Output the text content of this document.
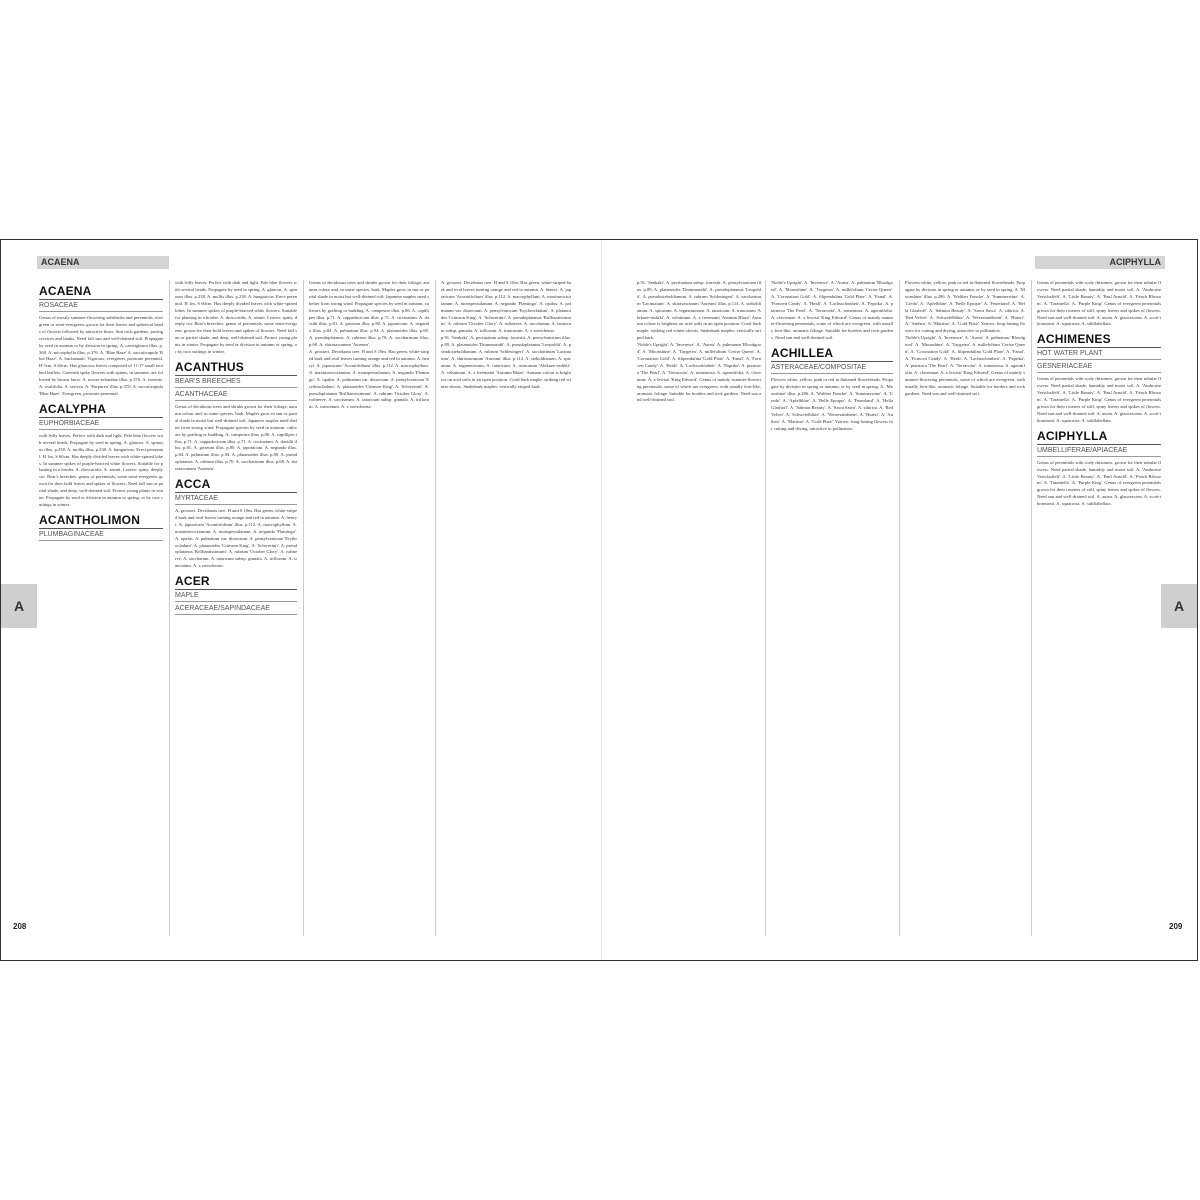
ACAENA	ACIPHYLLA
A	A
208	209
ACAENA
ROSACEAE
Genus of mostly summer-flowering subshrubs and perennials, evergreen or semi-evergreen, grown for their leaves and spherical heads of flowers followed by attractive burrs. Suit rock gardens, paving crevices and banks. Need full sun and well-drained soil. Propagate by seed in autumn or by division in spring. A. caesiiglauca illus. p.368. A. microphylla illus. p.376. A. 'Blue Haze' A. saccaticupula 'Blue Haze'. A. buchananii. Vigorous, evergreen, prostrate perennial. H 5cm, S 60cm. Has glaucous leaves composed of 11-17 small toothed leaflets. Greenish spiky flowers with spines, in summer, are followed by brown burrs. A. novae-zelandiae illus. p.376. A. inermis. A. ovalifolia. A. sericea. A. 'Purpurea' illus. p.370. A. saccaticupula 'Blue Haze'. Evergreen, prostrate perennial.
ACALYPHA
EUPHORBIACEAE
with frilly leaves. Perfect with dark and light. Pale blue flowers with several heads. Propagate by seed in spring. A. glaucus. A. spinosus illus. p.238. A. mollis illus. p.238. A. hungaricus. Erect perennial. H 1m, S 60cm. Has deeply divided leaves with white-spined lobes. In summer spikes of purple-bracted white flowers. Suitable for planting in a border. A. dioscoridis. A. sennii. Leaves: spiny, deeply cut. Bear's breeches: genus of perennials, some semi-evergreen, grown for their bold leaves and spikes of flowers. Need full sun or partial shade, and deep, well-drained soil. Protect young plants in winter. Propagate by seed or division in autumn or spring, or by root cuttings in winter.
ACANTHOLIMON
PLUMBAGINACEAE
with frilly leaves. Perfect with dark and light. Pale blue flowers with several heads. Propagate by seed in spring. A. glaucus. A. spinosus illus. p.238. A. mollis illus. p.238. A. hungaricus. Erect perennial. H 1m, S 60cm. Has deeply divided leaves with white-spined lobes. In summer spikes of purple-bracted white flowers. Suitable for planting in a border. A. dioscoridis. A. sennii. Leaves: spiny, deeply cut. Bear's breeches: genus of perennials, some semi-evergreen, grown for their bold leaves and spikes of flowers. Need full sun or partial shade, and deep, well-drained soil. Protect young plants in winter. Propagate by seed or division in autumn or spring, or by root cuttings in winter.
ACANTHUS
BEAR'S BREECHES
ACANTHACEAE
Genus of deciduous trees and shrubs grown for their foliage, autumn colour and, in some species, bark. Maples grow in sun or partial shade in moist but well-drained soil; Japanese maples need shelter from strong wind. Propagate species by seed in autumn, cultivars by grafting or budding. A. campestre illus. p.86. A. capillipes illus. p.71. A. cappadocicum illus. p.71. A. circinatum. A. davidii illus. p.81. A. griseum illus. p.80. A. japonicum. A. negundo illus. p.84. A. palmatum illus. p.94. A. platanoides illus. p.69. A. pseudoplatanus. A. rubrum illus. p.70. A. saccharinum illus. p.68. A. shirasawanum 'Aureum'.
ACCA
MYRTACEAE
A. grosseri. Deciduous tree. H and S 10m. Has green, white-striped bark and oval leaves turning orange and red in autumn. A. henryi. A. japonicum 'Aconitifolium' illus. p.112. A. macrophyllum. A. maximowiczianum. A. monspessulanum. A. negundo 'Flamingo'. A. opalus. A. palmatum var. dissectum. A. pensylvanicum 'Erythrocladum'. A. platanoides 'Crimson King'. A. 'Schwerinii'. A. pseudoplatanus 'Brilliantissimum'. A. rubrum 'October Glory'. A. rufinerve. A. saccharum. A. tataricum subsp. ginnala. A. triflorum. A. truncatum. A. x zoeschense.
ACER
MAPLE
ACERACEAE/SAPINDACEAE
Genus of deciduous trees and shrubs grown for their foliage, autumn colour and, in some species, bark. Maples grow in sun or partial shade in moist but well-drained soil; Japanese maples need shelter from strong wind. Propagate species by seed in autumn, cultivars by grafting or budding. A. campestre illus. p.86. A. capillipes illus. p.71. A. cappadocicum illus. p.71. A. circinatum. A. davidii illus. p.81. A. griseum illus. p.80. A. japonicum. A. negundo illus. p.84. A. palmatum illus. p.94. A. platanoides illus. p.69. A. pseudoplatanus. A. rubrum illus. p.70. A. saccharinum illus. p.68. A. shirasawanum 'Aureum'.
A. grosseri. Deciduous tree. H and S 10m. Has green, white-striped bark and oval leaves turning orange and red in autumn. A. henryi. A. japonicum 'Aconitifolium' illus. p.112. A. macrophyllum. A. maximowiczianum. A. monspessulanum. A. negundo 'Flamingo'. A. opalus. A. palmatum var. dissectum. A. pensylvanicum 'Erythrocladum'. A. platanoides 'Crimson King'. A. 'Schwerinii'. A. pseudoplatanus 'Brilliantissimum'. A. rubrum 'October Glory'. A. rufinerve. A. saccharum. A. tataricum subsp. ginnala. A. triflorum. A. truncatum. A. x zoeschense.
A. grosseri. Deciduous tree. H and S 10m. Has green, white-striped bark and oval leaves turning orange and red in autumn. A. henryi. A. japonicum 'Aconitifolium' illus. p.112. A. macrophyllum. A. maximowiczianum. A. monspessulanum. A. negundo 'Flamingo'. A. opalus. A. palmatum var. dissectum. A. pensylvanicum 'Erythrocladum'. A. platanoides 'Crimson King'. A. 'Schwerinii'. A. pseudoplatanus 'Brilliantissimum'. A. rubrum 'October Glory'. A. rufinerve. A. saccharum. A. tataricum subsp. ginnala. A. triflorum. A. truncatum. A. x zoeschense.
p.91. 'Senkaki'. A. pectinatum subsp. forrestii. A. pensylvanicum illus. p.89. A. platanoides 'Drummondii'. A. pseudoplatanus 'Leopoldii'. A. pseudosieboldianum. A. rubrum 'Schlesingeri'. A. saccharinum 'Laciniatum'. A. shirasawanum 'Aureum' illus. p.114. A. sieboldianum. A. spicatum. A. tegmentosum. A. tataricum. A. truncatum 'Akikaze-nishiki'. A. velutinum. A. x freemanii 'Autumn Blaze'. Autumn colour is brightest on acid soils in an open position. Coral bark maple: striking red winter shoots. Snakebark maples: vertically striped bark.
p.91. 'Senkaki'. A. pectinatum subsp. forrestii. A. pensylvanicum illus. p.89. A. platanoides 'Drummondii'. A. pseudoplatanus 'Leopoldii'. A. pseudosieboldianum. A. rubrum 'Schlesingeri'. A. saccharinum 'Laciniatum'. A. shirasawanum 'Aureum' illus. p.114. A. sieboldianum. A. spicatum. A. tegmentosum. A. tataricum. A. truncatum 'Akikaze-nishiki'. A. velutinum. A. x freemanii 'Autumn Blaze'. Autumn colour is brightest on acid soils in an open position. Coral bark maple: striking red winter shoots. Snakebark maples: vertically striped bark.
'Noble's Upright'. A. 'Inverewe'. A. 'Aurea'. A. palmatum 'Bloodgood'. A. 'Moonshine'. A. 'Taygetea'. A. millefolium 'Cerise Queen'. A. 'Coronation Gold'. A. filipendulina 'Gold Plate'. A. 'Fanal'. A. 'Forncett Candy'. A. 'Heidi'. A. 'Lachsschönheit'. A. 'Paprika'. A. ptarmica 'The Pearl'. A. 'Terracotta'. A. tomentosa. A. ageratifolia. A. clavennae. A. x lewisii 'King Edward'. Genus of mainly summer-flowering perennials, some of which are evergreen, with usually fern-like, aromatic foliage. Suitable for borders and rock gardens. Need sun and well-drained soil.
'Noble's Upright'. A. 'Inverewe'. A. 'Aurea'. A. palmatum 'Bloodgood'. A. 'Moonshine'. A. 'Taygetea'. A. millefolium 'Cerise Queen'. A. 'Coronation Gold'. A. filipendulina 'Gold Plate'. A. 'Fanal'. A. 'Forncett Candy'. A. 'Heidi'. A. 'Lachsschönheit'. A. 'Paprika'. A. ptarmica 'The Pearl'. A. 'Terracotta'. A. tomentosa. A. ageratifolia. A. clavennae. A. x lewisii 'King Edward'. Genus of mainly summer-flowering perennials, some of which are evergreen, with usually fern-like, aromatic foliage. Suitable for borders and rock gardens. Need sun and well-drained soil.
ACHILLEA
ASTERACEAE/COMPOSITAE
Flowers white, yellow, pink or red in flattened flowerheads. Propagate by division in spring or autumn, or by seed in spring. A. 'Moonshine' illus. p.286. A. 'Walther Funcke'. A. 'Summerwine'. A. 'Credo'. A. 'Apfelblüte'. A. 'Belle Epoque'. A. 'Feuerland'. A. 'Hella Glashoff'. A. 'Salmon Beauty'. A. 'Sawa Sawa'. A. sibirica. A. 'Red Velvet'. A. 'Schwefelblüte'. A. 'Wesersandstein'. A. 'Huteri'. A. 'Anthea'. A. 'Martina'. A. 'Gold Plate'. Yarrow: long-lasting flowers for cutting and drying, attractive to pollinators.
Flowers white, yellow, pink or red in flattened flowerheads. Propagate by division in spring or autumn, or by seed in spring. A. 'Moonshine' illus. p.286. A. 'Walther Funcke'. A. 'Summerwine'. A. 'Credo'. A. 'Apfelblüte'. A. 'Belle Epoque'. A. 'Feuerland'. A. 'Hella Glashoff'. A. 'Salmon Beauty'. A. 'Sawa Sawa'. A. sibirica. A. 'Red Velvet'. A. 'Schwefelblüte'. A. 'Wesersandstein'. A. 'Huteri'. A. 'Anthea'. A. 'Martina'. A. 'Gold Plate'. Yarrow: long-lasting flowers for cutting and drying, attractive to pollinators.
'Noble's Upright'. A. 'Inverewe'. A. 'Aurea'. A. palmatum 'Bloodgood'. A. 'Moonshine'. A. 'Taygetea'. A. millefolium 'Cerise Queen'. A. 'Coronation Gold'. A. filipendulina 'Gold Plate'. A. 'Fanal'. A. 'Forncett Candy'. A. 'Heidi'. A. 'Lachsschönheit'. A. 'Paprika'. A. ptarmica 'The Pearl'. A. 'Terracotta'. A. tomentosa. A. ageratifolia. A. clavennae. A. x lewisii 'King Edward'. Genus of mainly summer-flowering perennials, some of which are evergreen, with usually fern-like, aromatic foliage. Suitable for borders and rock gardens. Need sun and well-drained soil.
Genus of perennials with scaly rhizomes, grown for their tubular flowers. Need partial shade, humidity and moist soil. A. 'Ambroise Verschaffelt'. A. 'Little Beauty'. A. 'Paul Arnold'. A. 'Peach Blossom'. A. 'Tarantella'. A. 'Purple King'. Genus of evergreen perennials grown for their rosettes of stiff, spiny leaves and spikes of flowers. Need sun and well-drained soil. A. aurea. A. glaucescens. A. scott-thomsonii. A. squarrosa. A. subflabellata.
ACHIMENES
HOT WATER PLANT
GESNERIACEAE
Genus of perennials with scaly rhizomes, grown for their tubular flowers. Need partial shade, humidity and moist soil. A. 'Ambroise Verschaffelt'. A. 'Little Beauty'. A. 'Paul Arnold'. A. 'Peach Blossom'. A. 'Tarantella'. A. 'Purple King'. Genus of evergreen perennials grown for their rosettes of stiff, spiny leaves and spikes of flowers. Need sun and well-drained soil. A. aurea. A. glaucescens. A. scott-thomsonii. A. squarrosa. A. subflabellata.
ACIPHYLLA
UMBELLIFERAE/APIACEAE
Genus of perennials with scaly rhizomes, grown for their tubular flowers. Need partial shade, humidity and moist soil. A. 'Ambroise Verschaffelt'. A. 'Little Beauty'. A. 'Paul Arnold'. A. 'Peach Blossom'. A. 'Tarantella'. A. 'Purple King'. Genus of evergreen perennials grown for their rosettes of stiff, spiny leaves and spikes of flowers. Need sun and well-drained soil. A. aurea. A. glaucescens. A. scott-thomsonii. A. squarrosa. A. subflabellata.
